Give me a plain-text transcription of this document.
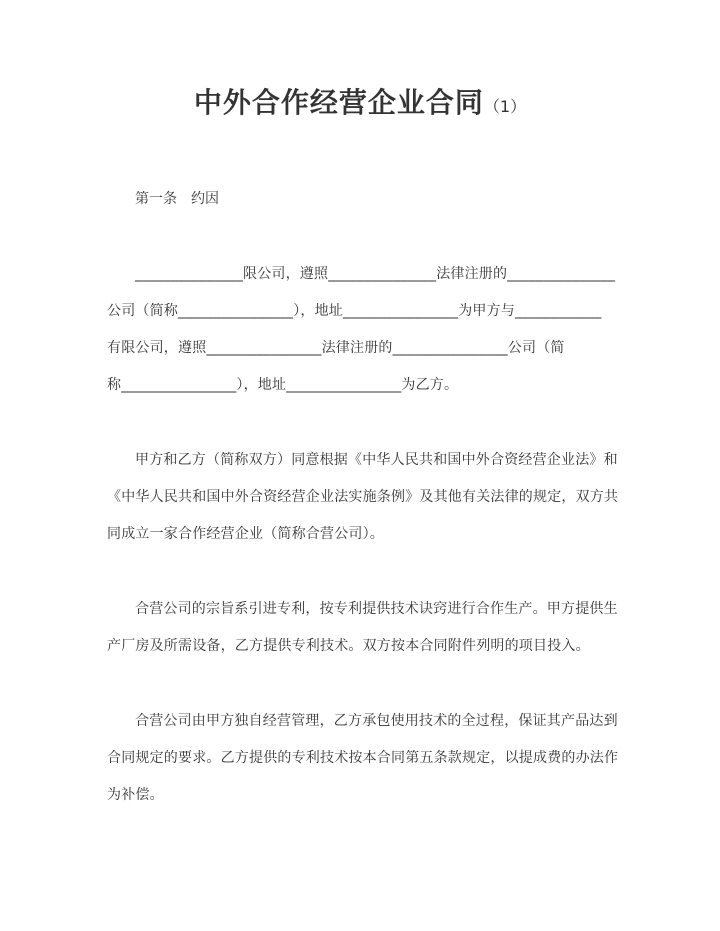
中外合作经营企业合同（1）
第一条　约因
_______________限公司，遵照_______________法律注册的_______________
公司（简称________________），地址________________为甲方与____________
有限公司，遵照________________法律注册的________________公司（简
称________________），地址________________为乙方。
甲方和乙方（简称双方）同意根据《中华人民共和国中外合资经营企业法》和
《中华人民共和国中外合资经营企业法实施条例》及其他有关法律的规定，双方共
同成立一家合作经营企业（简称合营公司）。
合营公司的宗旨系引进专利，按专利提供技术诀窍进行合作生产。甲方提供生
产厂房及所需设备，乙方提供专利技术。双方按本合同附件列明的项目投入。
合营公司由甲方独自经营管理，乙方承包使用技术的全过程，保证其产品达到
合同规定的要求。乙方提供的专利技术按本合同第五条款规定，以提成费的办法作
为补偿。
